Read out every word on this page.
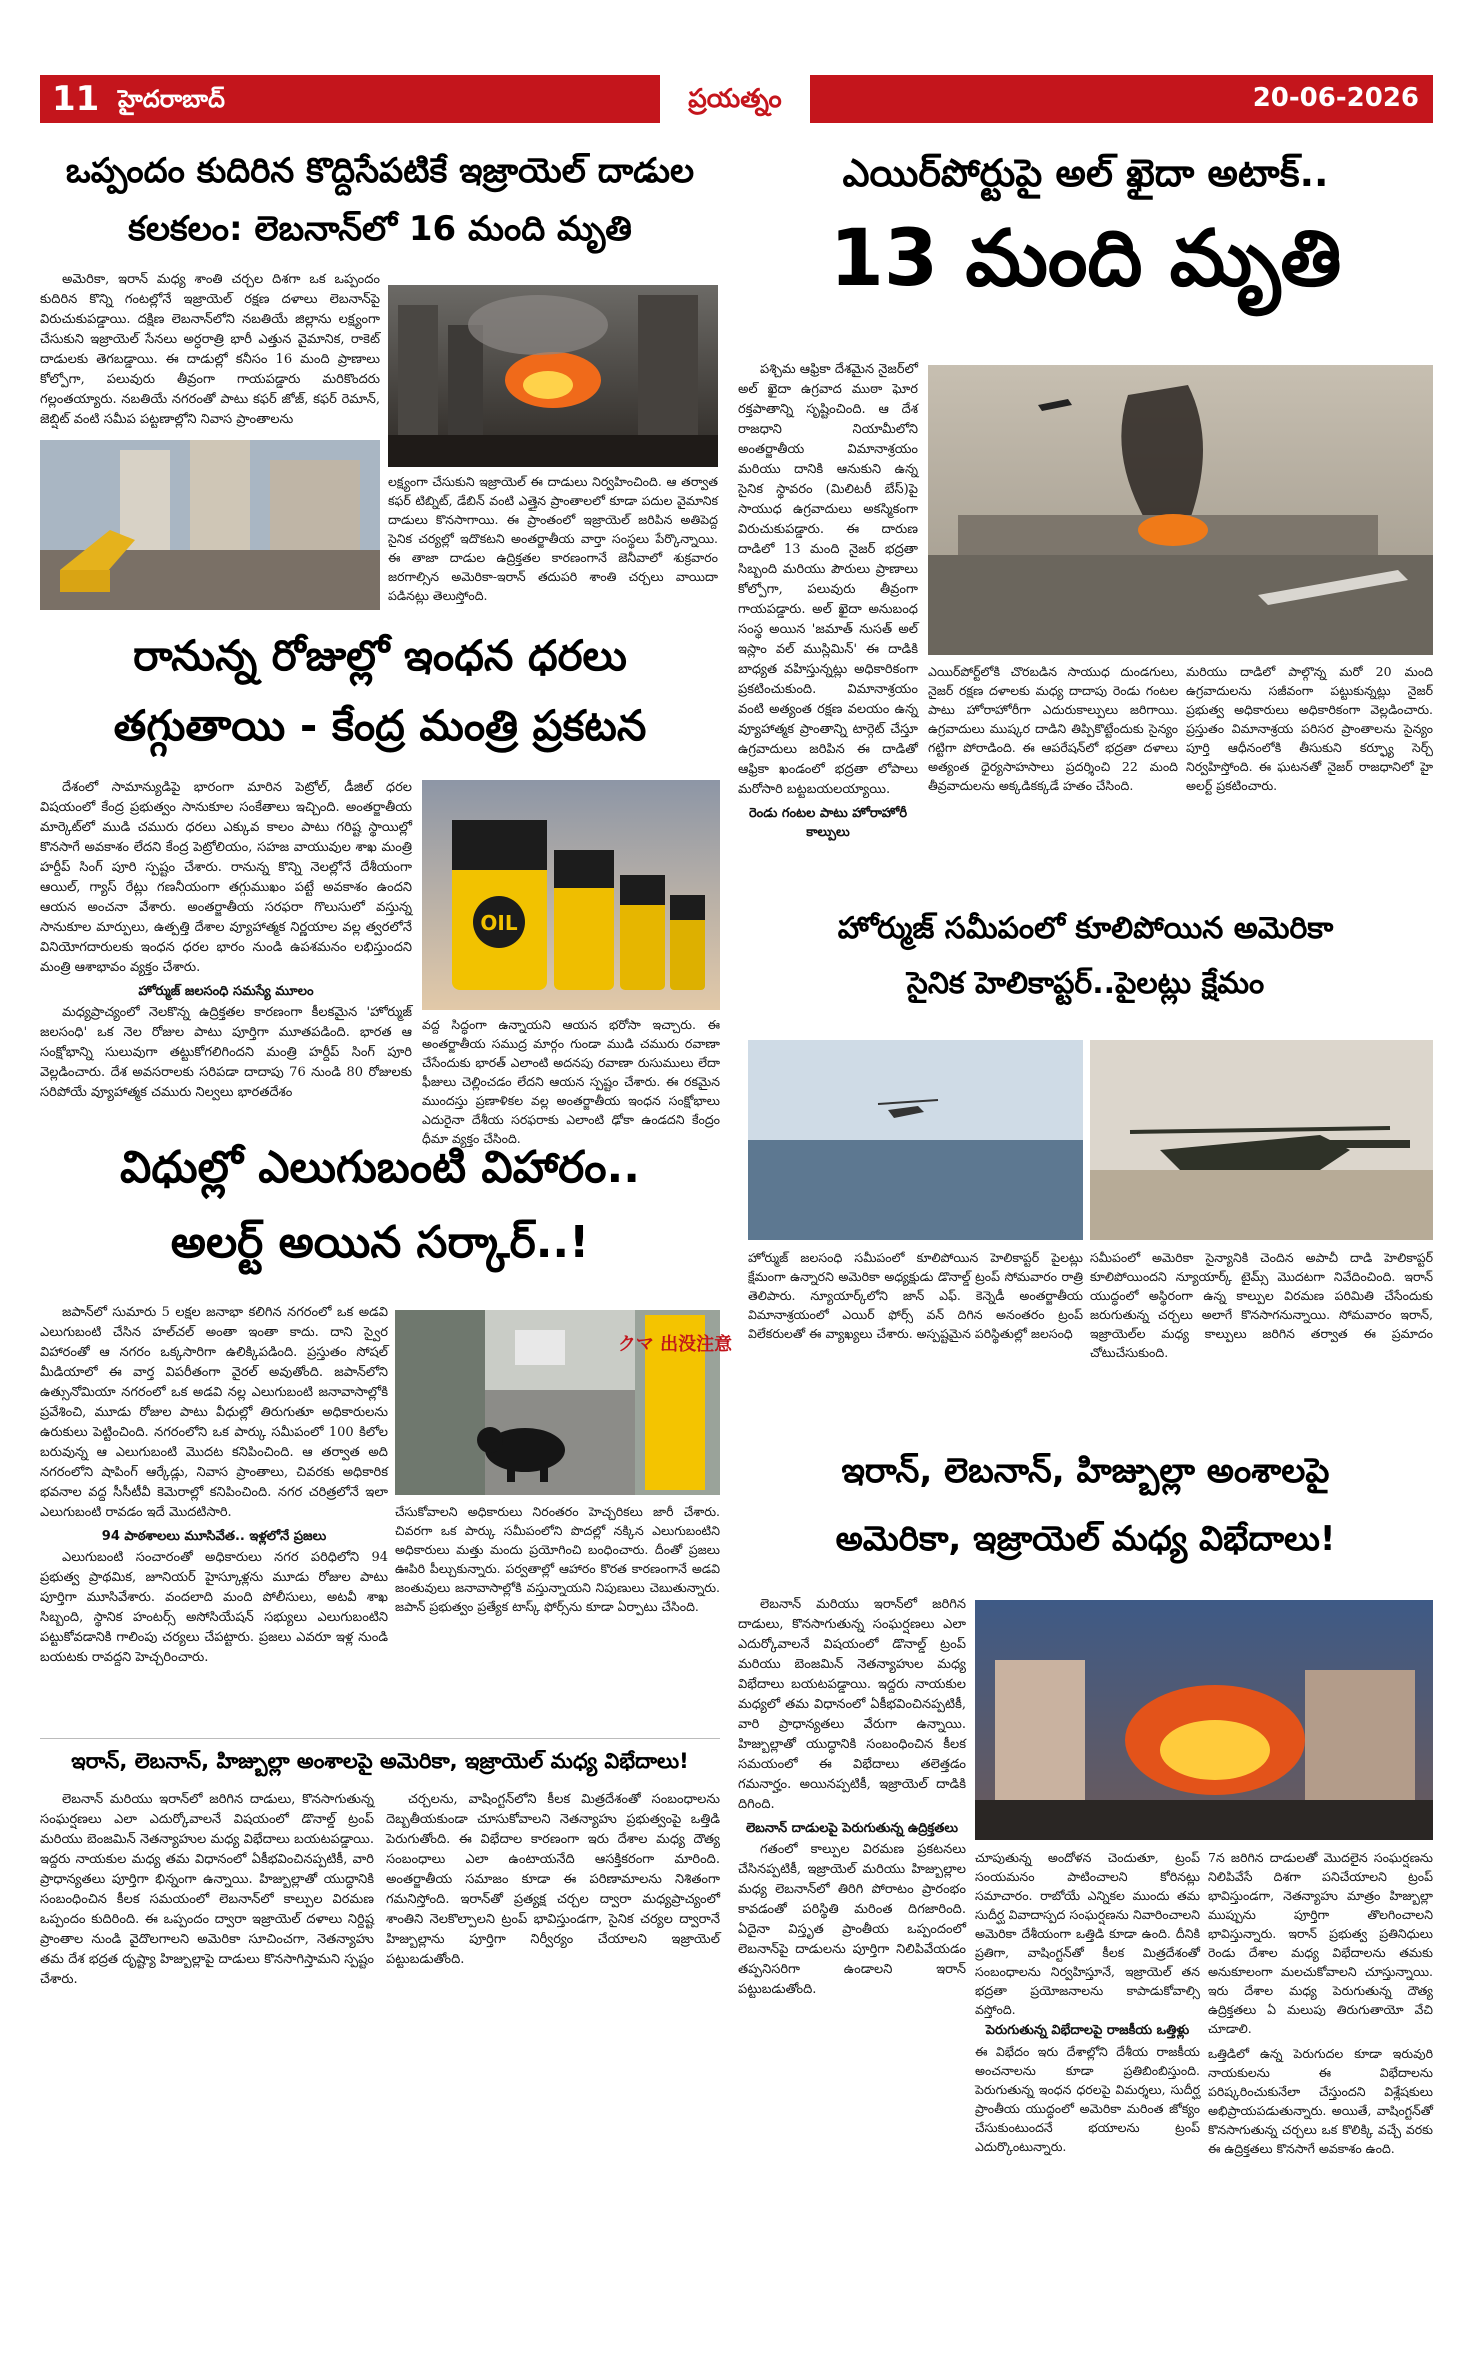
11 హైదరాబాద్	ప్రయత్నం	20-06-2026
ఒప్పందం కుదిరిన కొద్దిసేపటికే ఇజ్రాయెల్ దాడుల
కలకలం: లెబనాన్‌లో 16 మంది మృతి

అమెరికా, ఇరాన్ మధ్య శాంతి చర్చల దిశగా ఒక ఒప్పందం కుదిరిన కొన్ని గంటల్లోనే ఇజ్రాయెల్ రక్షణ దళాలు లెబనాన్‌పై విరుచుకుపడ్డాయి. దక్షిణ లెబనాన్‌లోని నబతియే జిల్లాను లక్ష్యంగా చేసుకుని ఇజ్రాయెల్ సేనలు అర్ధరాత్రి భారీ ఎత్తున వైమానిక, రాకెట్ దాడులకు తెగబడ్డాయి. ఈ దాడుల్లో కనీసం 16 మంది ప్రాణాలు కోల్పోగా, పలువురు తీవ్రంగా గాయపడ్డారు మరికొందరు గల్లంతయ్యారు. నబతియే నగరంతో పాటు కఫర్ జోజ్, కఫర్ రెమాన్, జెబ్షిట్ వంటి సమీప పట్టణాల్లోని నివాస ప్రాంతాలను

లక్ష్యంగా చేసుకుని ఇజ్రాయెల్ ఈ దాడులు నిర్వహించింది. ఆ తర్వాత కఫర్ టిబ్నిట్, డేబిన్ వంటి ఎత్తైన ప్రాంతాలలో కూడా పదుల వైమానిక దాడులు కొనసాగాయి. ఈ ప్రాంతంలో ఇజ్రాయెల్ జరిపిన అతిపెద్ద సైనిక చర్యల్లో ఇదొకటని అంతర్జాతీయ వార్తా సంస్థలు పేర్కొన్నాయి. ఈ తాజా దాడుల ఉద్రిక్తతల కారణంగానే జెనీవాలో శుక్రవారం జరగాల్సిన అమెరికా-ఇరాన్ తదుపరి శాంతి చర్చలు వాయిదా పడినట్లు తెలుస్తోంది.
రానున్న రోజుల్లో ఇంధన ధరలు
తగ్గుతాయి - కేంద్ర మంత్రి ప్రకటన

దేశంలో సామాన్యుడిపై భారంగా మారిన పెట్రోల్, డీజిల్ ధరల విషయంలో కేంద్ర ప్రభుత్వం సానుకూల సంకేతాలు ఇచ్చింది. అంతర్జాతీయ మార్కెట్‌లో ముడి చమురు ధరలు ఎక్కువ కాలం పాటు గరిష్ట స్థాయిల్లో కొనసాగే అవకాశం లేదని కేంద్ర పెట్రోలియం, సహజ వాయువుల శాఖ మంత్రి హర్దీప్ సింగ్ పూరి స్పష్టం చేశారు. రానున్న కొన్ని నెలల్లోనే దేశీయంగా ఆయిల్, గ్యాస్ రేట్లు గణనీయంగా తగ్గుముఖం పట్టే అవకాశం ఉందని ఆయన అంచనా వేశారు. అంతర్జాతీయ సరఫరా గొలుసులో వస్తున్న సానుకూల మార్పులు, ఉత్పత్తి దేశాల వ్యూహాత్మక నిర్ణయాల వల్ల త్వరలోనే వినియోగదారులకు ఇంధన ధరల భారం నుండి ఉపశమనం లభిస్తుందని మంత్రి ఆశాభావం వ్యక్తం చేశారు.

హోర్ముజ్ జలసంధి సమస్యే మూలం

మధ్యప్రాచ్యంలో నెలకొన్న ఉద్రిక్తతల కారణంగా కీలకమైన 'హోర్ముజ్ జలసంధి' ఒక నెల రోజుల పాటు పూర్తిగా మూతపడింది. భారత ఆ సంక్షోభాన్ని సులువుగా తట్టుకోగలిగిందని మంత్రి హర్దీప్ సింగ్ పూరి వెల్లడించారు. దేశ అవసరాలకు సరిపడా దాదాపు 76 నుండి 80 రోజులకు సరిపోయే వ్యూహాత్మక చమురు నిల్వలు భారతదేశం

OIL
వద్ద సిద్ధంగా ఉన్నాయని ఆయన భరోసా ఇచ్చారు. ఈ అంతర్జాతీయ సముద్ర మార్గం గుండా ముడి చమురు రవాణా చేసేందుకు భారత్ ఎలాంటి అదనపు రవాణా రుసుములు లేదా ఫీజులు చెల్లించడం లేదని ఆయన స్పష్టం చేశారు. ఈ రకమైన ముందస్తు ప్రణాళికల వల్ల అంతర్జాతీయ ఇంధన సంక్షోభాలు ఎదురైనా దేశీయ సరఫరాకు ఎలాంటి ఢోకా ఉండదని కేంద్రం ధీమా వ్యక్తం చేసింది.
విధుల్లో ఎలుగుబంటి విహారం..
అలర్ట్ అయిన సర్కార్..!

జపాన్‌లో సుమారు 5 లక్షల జనాభా కలిగిన నగరంలో ఒక అడవి ఎలుగుబంటి చేసిన హల్‌చల్ అంతా ఇంతా కాదు. దాని స్వైర విహారంతో ఆ నగరం ఒక్కసారిగా ఉలిక్కిపడింది. ప్రస్తుతం సోషల్ మీడియాలో ఈ వార్త విపరీతంగా వైరల్ అవుతోంది. జపాన్‌లోని ఉత్సునోమియా నగరంలో ఒక అడవి నల్ల ఎలుగుబంటి జనావాసాల్లోకి ప్రవేశించి, మూడు రోజుల పాటు వీధుల్లో తిరుగుతూ అధికారులను ఉరుకులు పెట్టించింది. నగరంలోని ఒక పార్కు సమీపంలో 100 కిలోల బరువున్న ఆ ఎలుగుబంటి మొదట కనిపించింది. ఆ తర్వాత అది నగరంలోని షాపింగ్ ఆర్కేడ్లు, నివాస ప్రాంతాలు, చివరకు అధికారిక భవనాల వద్ద సీసీటీవీ కెమెరాల్లో కనిపించింది. నగర చరిత్రలోనే ఇలా ఎలుగుబంటి రావడం ఇదే మొదటిసారి.

94 పాఠశాలలు మూసివేత.. ఇళ్లలోనే ప్రజలు

ఎలుగుబంటి సంచారంతో అధికారులు నగర పరిధిలోని 94 ప్రభుత్వ ప్రాథమిక, జూనియర్ హైస్కూళ్లను మూడు రోజుల పాటు పూర్తిగా మూసివేశారు. వందలాది మంది పోలీసులు, అటవీ శాఖ సిబ్బంది, స్థానిక హంటర్స్ అసోసియేషన్ సభ్యులు ఎలుగుబంటిని పట్టుకోవడానికి గాలింపు చర్యలు చేపట్టారు. ప్రజలు ఎవరూ ఇళ్ల నుండి బయటకు రావద్దని హెచ్చరించారు.

クマ 出没注意
చేసుకోవాలని అధికారులు నిరంతరం హెచ్చరికలు జారీ చేశారు. చివరగా ఒక పార్కు సమీపంలోని పొదల్లో నక్కిన ఎలుగుబంటిని అధికారులు మత్తు మందు ప్రయోగించి బంధించారు. దీంతో ప్రజలు ఊపిరి పీల్చుకున్నారు. పర్వతాల్లో ఆహారం కొరత కారణంగానే అడవి జంతువులు జనావాసాల్లోకి వస్తున్నాయని నిపుణులు చెబుతున్నారు. జపాన్ ప్రభుత్వం ప్రత్యేక టాస్క్ ఫోర్స్‌ను కూడా ఏర్పాటు చేసింది.
ఇరాన్, లెబనాన్, హిజ్బుల్లా అంశాలపై అమెరికా, ఇజ్రాయెల్ మధ్య విభేదాలు!

లెబనాన్ మరియు ఇరాన్‌లో జరిగిన దాడులు, కొనసాగుతున్న సంఘర్షణలు ఎలా ఎదుర్కోవాలనే విషయంలో డొనాల్డ్ ట్రంప్ మరియు బెంజమిన్ నెతన్యాహుల మధ్య విభేదాలు బయటపడ్డాయి. ఇద్దరు నాయకుల మధ్య తమ విధానంలో ఏకీభవించినప్పటికీ, వారి ప్రాధాన్యతలు పూర్తిగా భిన్నంగా ఉన్నాయి. హిజ్బుల్లాతో యుద్ధానికి సంబంధించిన కీలక సమయంలో లెబనాన్‌లో కాల్పుల విరమణ ఒప్పందం కుదిరింది. ఈ ఒప్పందం ద్వారా ఇజ్రాయెల్ దళాలు నిర్దిష్ట ప్రాంతాల నుండి వైదొలగాలని అమెరికా సూచించగా, నెతన్యాహు తమ దేశ భద్రత దృష్ట్యా హిజ్బుల్లాపై దాడులు కొనసాగిస్తామని స్పష్టం చేశారు.

చర్చలను, వాషింగ్టన్‌లోని కీలక మిత్రదేశంతో సంబంధాలను దెబ్బతీయకుండా చూసుకోవాలని నెతన్యాహు ప్రభుత్వంపై ఒత్తిడి పెరుగుతోంది. ఈ విభేదాల కారణంగా ఇరు దేశాల మధ్య దౌత్య సంబంధాలు ఎలా ఉంటాయనేది ఆసక్తికరంగా మారింది. అంతర్జాతీయ సమాజం కూడా ఈ పరిణామాలను నిశితంగా గమనిస్తోంది. ఇరాన్‌తో ప్రత్యక్ష చర్చల ద్వారా మధ్యప్రాచ్యంలో శాంతిని నెలకొల్పాలని ట్రంప్ భావిస్తుండగా, సైనిక చర్యల ద్వారానే హిజ్బుల్లాను పూర్తిగా నిర్వీర్యం చేయాలని ఇజ్రాయెల్ పట్టుబడుతోంది.

ఎయిర్‌పోర్టుపై అల్ ఖైదా అటాక్..
13 మంది మృతి

పశ్చిమ ఆఫ్రికా దేశమైన నైజర్‌లో అల్ ఖైదా ఉగ్రవాద ముఠా ఘోర రక్తపాతాన్ని సృష్టించింది. ఆ దేశ రాజధాని నియామీలోని అంతర్జాతీయ విమానాశ్రయం మరియు దానికి ఆనుకుని ఉన్న సైనిక స్థావరం (మిలిటరీ బేస్)పై సాయుధ ఉగ్రవాదులు అకస్మికంగా విరుచుకుపడ్డారు. ఈ దారుణ దాడిలో 13 మంది నైజర్ భద్రతా సిబ్బంది మరియు పౌరులు ప్రాణాలు కోల్పోగా, పలువురు తీవ్రంగా గాయపడ్డారు. అల్ ఖైదా అనుబంధ సంస్థ అయిన 'జమాత్ నుసత్ అల్ ఇస్లాం వల్ ముస్లిమిన్' ఈ దాడికి బాధ్యత వహిస్తున్నట్లు అధికారికంగా ప్రకటించుకుంది. విమానాశ్రయం వంటి అత్యంత రక్షణ వలయం ఉన్న వ్యూహాత్మక ప్రాంతాన్ని టార్గెట్ చేస్తూ ఉగ్రవాదులు జరిపిన ఈ దాడితో ఆఫ్రికా ఖండంలో భద్రతా లోపాలు మరోసారి బట్టబయలయ్యాయి.

రెండు గంటల పాటు హోరాహోరీ కాల్పులు
ఎయిర్‌పోర్ట్‌లోకి చొరబడిన సాయుధ దుండగులు, నైజర్ రక్షణ దళాలకు మధ్య దాదాపు రెండు గంటల పాటు హోరాహోరీగా ఎదురుకాల్పులు జరిగాయి. ఉగ్రవాదులు ముష్కర దాడిని తిప్పికొట్టేందుకు సైన్యం గట్టిగా పోరాడింది. ఈ ఆపరేషన్‌లో భద్రతా దళాలు అత్యంత ధైర్యసాహసాలు ప్రదర్శించి 22 మంది తీవ్రవాదులను అక్కడికక్కడే హతం చేసింది.
మరియు దాడిలో పాల్గొన్న మరో 20 మంది ఉగ్రవాదులను సజీవంగా పట్టుకున్నట్లు నైజర్ ప్రభుత్వ అధికారులు అధికారికంగా వెల్లడించారు. ప్రస్తుతం విమానాశ్రయ పరిసర ప్రాంతాలను సైన్యం పూర్తి ఆధీనంలోకి తీసుకుని కర్ఫ్యూ సెర్చ్ నిర్వహిస్తోంది. ఈ ఘటనతో నైజర్ రాజధానిలో హై అలర్ట్ ప్రకటించారు.
హోర్ముజ్ సమీపంలో కూలిపోయిన అమెరికా
సైనిక హెలికాప్టర్..పైలట్లు క్షేమం
హోర్ముజ్ జలసంధి సమీపంలో కూలిపోయిన హెలికాప్టర్ పైలట్లు క్షేమంగా ఉన్నారని అమెరికా అధ్యక్షుడు డొనాల్డ్ ట్రంప్ సోమవారం రాత్రి తెలిపారు. న్యూయార్క్‌లోని జాన్ ఎఫ్. కెన్నెడీ అంతర్జాతీయ విమానాశ్రయంలో ఎయిర్ ఫోర్స్ వన్ దిగిన అనంతరం ట్రంప్ విలేకరులతో ఈ వ్యాఖ్యలు చేశారు. అస్పష్టమైన పరిస్థితుల్లో జలసంధి
సమీపంలో అమెరికా సైన్యానికి చెందిన అపాచీ దాడి హెలికాప్టర్ కూలిపోయిందని న్యూయార్క్ టైమ్స్ మొదటగా నివేదించింది. ఇరాన్ యుద్ధంలో అస్థిరంగా ఉన్న కాల్పుల విరమణ పరిమితి చేసేందుకు జరుగుతున్న చర్చలు అలాగే కొనసాగనున్నాయి. సోమవారం ఇరాన్, ఇజ్రాయెల్‌ల మధ్య కాల్పులు జరిగిన తర్వాత ఈ ప్రమాదం చోటుచేసుకుంది.
ఇరాన్, లెబనాన్, హిజ్బుల్లా అంశాలపై
అమెరికా, ఇజ్రాయెల్ మధ్య విభేదాలు!

లెబనాన్ మరియు ఇరాన్‌లో జరిగిన దాడులు, కొనసాగుతున్న సంఘర్షణలు ఎలా ఎదుర్కోవాలనే విషయంలో డొనాల్డ్ ట్రంప్ మరియు బెంజమిన్ నెతన్యాహుల మధ్య విభేదాలు బయటపడ్డాయి. ఇద్దరు నాయకుల మధ్యలో తమ విధానంలో ఏకీభవించినప్పటికీ, వారి ప్రాధాన్యతలు వేరుగా ఉన్నాయి. హిజ్బుల్లాతో యుద్ధానికి సంబంధించిన కీలక సమయంలో ఈ విభేదాలు తలెత్తడం గమనార్హం. అయినప్పటికీ, ఇజ్రాయెల్ దాడికి దిగింది.

లెబనాన్ దాడులపై పెరుగుతున్న ఉద్రిక్తతలు

గతంలో కాల్పుల విరమణ ప్రకటనలు చేసినప్పటికీ, ఇజ్రాయెల్ మరియు హిజ్బుల్లాల మధ్య లెబనాన్‌లో తిరిగి పోరాటం ప్రారంభం కావడంతో పరిస్థితి మరింత దిగజారింది. ఏదైనా విస్తృత ప్రాంతీయ ఒప్పందంలో లెబనాన్‌పై దాడులను పూర్తిగా నిలిపివేయడం తప్పనిసరిగా ఉండాలని ఇరాన్ పట్టుబడుతోంది.

చూపుతున్న అందోళన చెందుతూ, ట్రంప్ సంయమనం పాటించాలని కోరినట్లు సమాచారం. రాబోయే ఎన్నికల ముందు తమ సుదీర్ఘ వివాదాస్పద సంఘర్షణను నివారించాలని అమెరికా దేశీయంగా ఒత్తిడి కూడా ఉంది. దీనికి ప్రతిగా, వాషింగ్టన్‌తో కీలక మిత్రదేశంతో సంబంధాలను నిర్వహిస్తూనే, ఇజ్రాయెల్ తన భద్రతా ప్రయోజనాలను కాపాడుకోవాల్సి వస్తోంది.
పెరుగుతున్న విభేదాలపై రాజకీయ ఒత్తిళ్లు
ఈ విభేదం ఇరు దేశాల్లోని దేశీయ రాజకీయ అంచనాలను కూడా ప్రతిబింబిస్తుంది. పెరుగుతున్న ఇంధన ధరలపై విమర్శలు, సుదీర్ఘ ప్రాంతీయ యుద్ధంలో అమెరికా మరింత జోక్యం చేసుకుంటుందనే భయాలను ట్రంప్ ఎదుర్కొంటున్నారు.
7న జరిగిన దాడులతో మొదలైన సంఘర్షణను నిలిపివేసే దిశగా పనిచేయాలని ట్రంప్ భావిస్తుండగా, నెతన్యాహు మాత్రం హిజ్బుల్లా ముప్పును పూర్తిగా తొలగించాలని భావిస్తున్నారు. ఇరాన్ ప్రభుత్వ ప్రతినిధులు రెండు దేశాల మధ్య విభేదాలను తమకు అనుకూలంగా మలచుకోవాలని చూస్తున్నాయి. ఇరు దేశాల మధ్య పెరుగుతున్న దౌత్య ఉద్రిక్తతలు ఏ మలుపు తిరుగుతాయో వేచి చూడాలి.
ఒత్తిడిలో ఉన్న పెరుగుదల కూడా ఇరువురి నాయకులను ఈ విభేదాలను పరిష్కరించుకునేలా చేస్తుందని విశ్లేషకులు అభిప్రాయపడుతున్నారు. అయితే, వాషింగ్టన్‌తో కొనసాగుతున్న చర్చలు ఒక కొలిక్కి వచ్చే వరకు ఈ ఉద్రిక్తతలు కొనసాగే అవకాశం ఉంది.
